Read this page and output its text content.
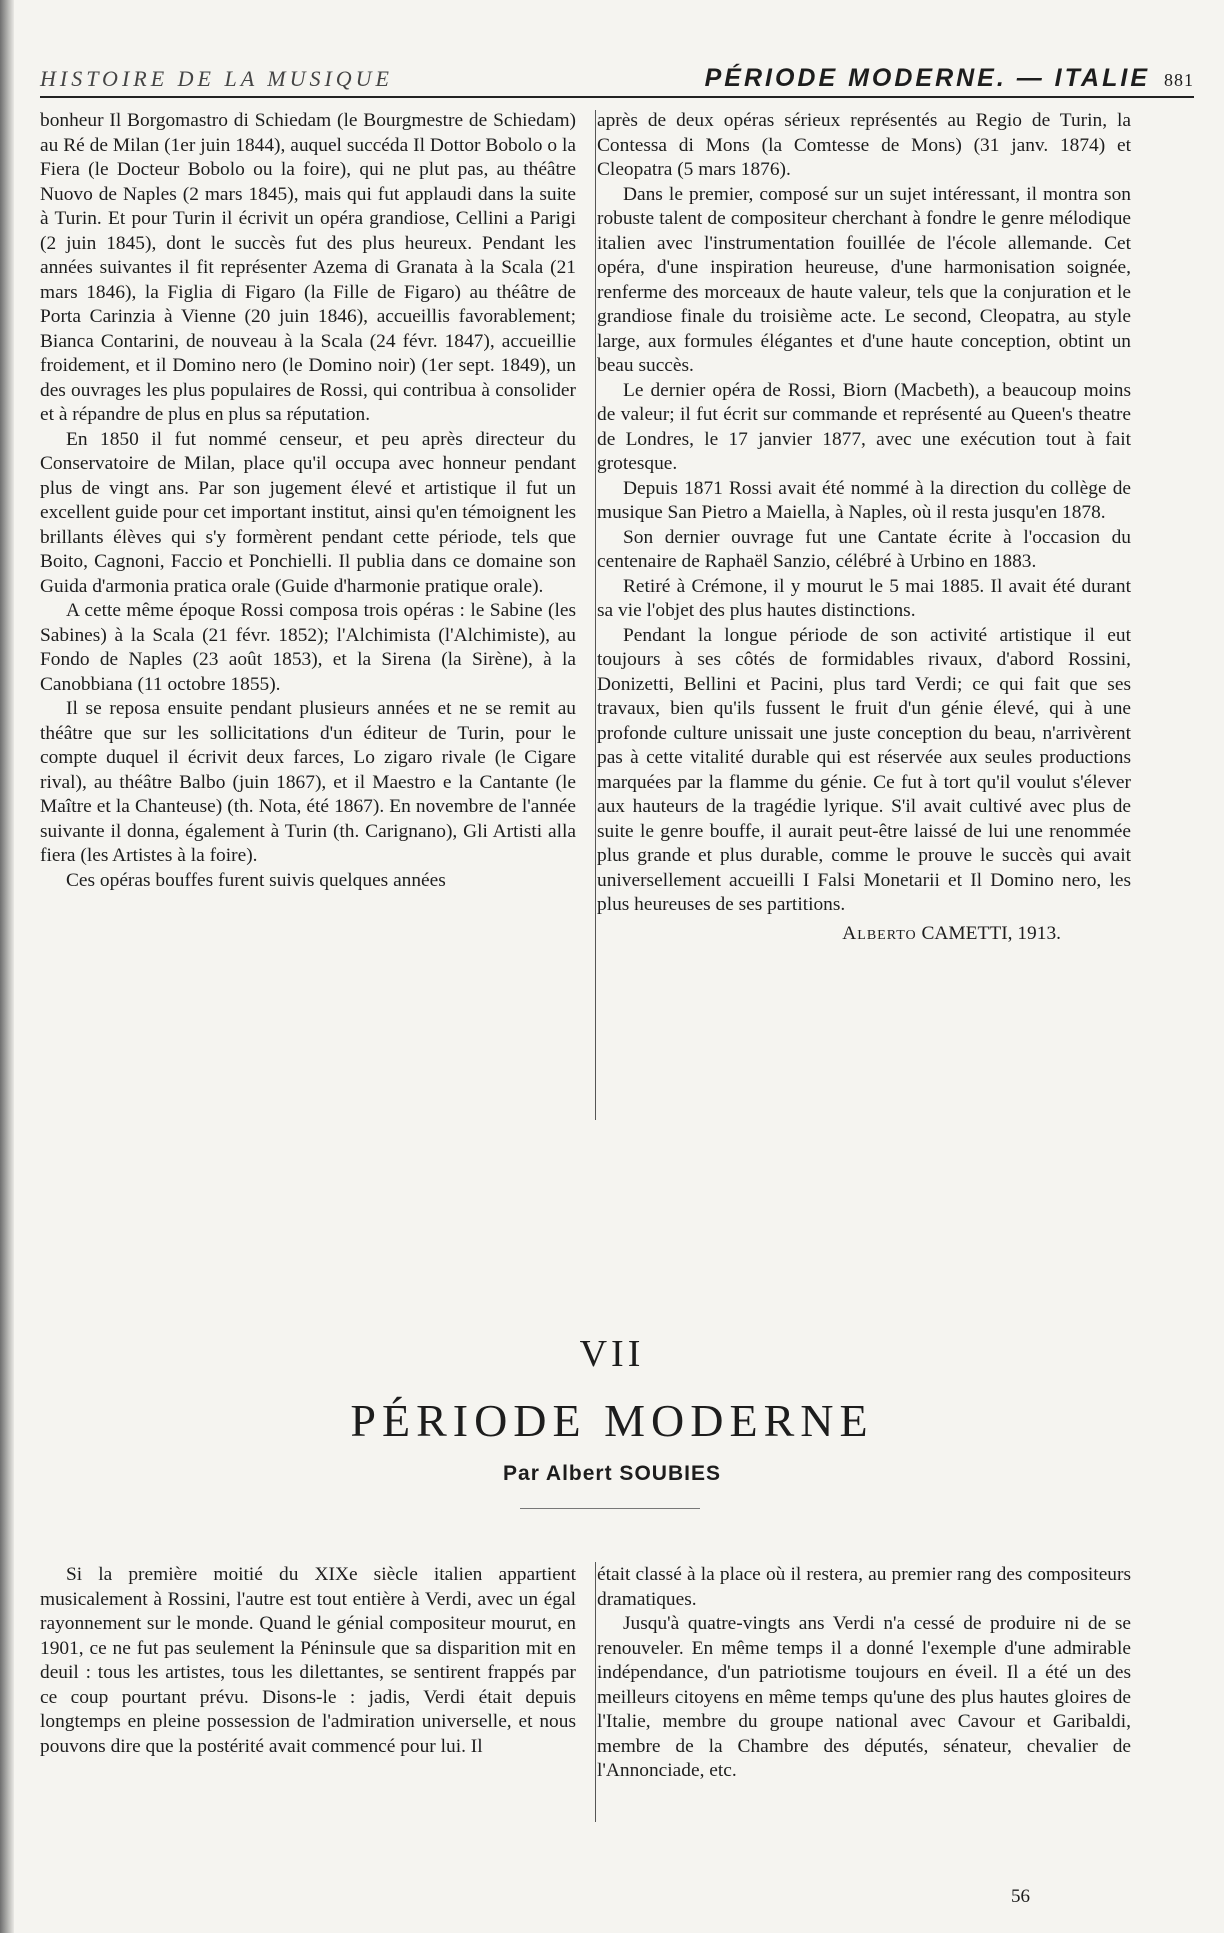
HISTOIRE DE LA MUSIQUE	PÉRIODE MODERNE. — ITALIE 881

bonheur Il Borgomastro di Schiedam (le Bourgmestre de Schiedam) au Ré de Milan (1er juin 1844), auquel succéda Il Dottor Bobolo o la Fiera (le Docteur Bobolo ou la foire), qui ne plut pas, au théâtre Nuovo de Naples (2 mars 1845), mais qui fut applaudi dans la suite à Turin. Et pour Turin il écrivit un opéra grandiose, Cellini a Parigi (2 juin 1845), dont le succès fut des plus heureux. Pendant les années suivantes il fit représenter Azema di Granata à la Scala (21 mars 1846), la Figlia di Figaro (la Fille de Figaro) au théâtre de Porta Carinzia à Vienne (20 juin 1846), accueillis favorablement; Bianca Contarini, de nouveau à la Scala (24 févr. 1847), accueillie froidement, et il Domino nero (le Domino noir) (1er sept. 1849), un des ouvrages les plus populaires de Rossi, qui contribua à consolider et à répandre de plus en plus sa réputation.

En 1850 il fut nommé censeur, et peu après directeur du Conservatoire de Milan, place qu'il occupa avec honneur pendant plus de vingt ans. Par son jugement élevé et artistique il fut un excellent guide pour cet important institut, ainsi qu'en témoignent les brillants élèves qui s'y formèrent pendant cette période, tels que Boito, Cagnoni, Faccio et Ponchielli. Il publia dans ce domaine son Guida d'armonia pratica orale (Guide d'harmonie pratique orale).

A cette même époque Rossi composa trois opéras : le Sabine (les Sabines) à la Scala (21 févr. 1852); l'Alchimista (l'Alchimiste), au Fondo de Naples (23 août 1853), et la Sirena (la Sirène), à la Canobbiana (11 octobre 1855).

Il se reposa ensuite pendant plusieurs années et ne se remit au théâtre que sur les sollicitations d'un éditeur de Turin, pour le compte duquel il écrivit deux farces, Lo zigaro rivale (le Cigare rival), au théâtre Balbo (juin 1867), et il Maestro e la Cantante (le Maître et la Chanteuse) (th. Nota, été 1867). En novembre de l'année suivante il donna, également à Turin (th. Carignano), Gli Artisti alla fiera (les Artistes à la foire).

Ces opéras bouffes furent suivis quelques années

après de deux opéras sérieux représentés au Regio de Turin, la Contessa di Mons (la Comtesse de Mons) (31 janv. 1874) et Cleopatra (5 mars 1876).

Dans le premier, composé sur un sujet intéressant, il montra son robuste talent de compositeur cherchant à fondre le genre mélodique italien avec l'instrumentation fouillée de l'école allemande. Cet opéra, d'une inspiration heureuse, d'une harmonisation soignée, renferme des morceaux de haute valeur, tels que la conjuration et le grandiose finale du troisième acte. Le second, Cleopatra, au style large, aux formules élégantes et d'une haute conception, obtint un beau succès.

Le dernier opéra de Rossi, Biorn (Macbeth), a beaucoup moins de valeur; il fut écrit sur commande et représenté au Queen's theatre de Londres, le 17 janvier 1877, avec une exécution tout à fait grotesque.

Depuis 1871 Rossi avait été nommé à la direction du collège de musique San Pietro a Maiella, à Naples, où il resta jusqu'en 1878.

Son dernier ouvrage fut une Cantate écrite à l'occasion du centenaire de Raphaël Sanzio, célébré à Urbino en 1883.

Retiré à Crémone, il y mourut le 5 mai 1885. Il avait été durant sa vie l'objet des plus hautes distinctions.

Pendant la longue période de son activité artistique il eut toujours à ses côtés de formidables rivaux, d'abord Rossini, Donizetti, Bellini et Pacini, plus tard Verdi; ce qui fait que ses travaux, bien qu'ils fussent le fruit d'un génie élevé, qui à une profonde culture unissait une juste conception du beau, n'arrivèrent pas à cette vitalité durable qui est réservée aux seules productions marquées par la flamme du génie. Ce fut à tort qu'il voulut s'élever aux hauteurs de la tragédie lyrique. S'il avait cultivé avec plus de suite le genre bouffe, il aurait peut-être laissé de lui une renommée plus grande et plus durable, comme le prouve le succès qui avait universellement accueilli I Falsi Monetarii et Il Domino nero, les plus heureuses de ses partitions.

Alberto CAMETTI, 1913.
VII
PÉRIODE MODERNE
Par Albert SOUBIES

Si la première moitié du XIXe siècle italien appartient musicalement à Rossini, l'autre est tout entière à Verdi, avec un égal rayonnement sur le monde. Quand le génial compositeur mourut, en 1901, ce ne fut pas seulement la Péninsule que sa disparition mit en deuil : tous les artistes, tous les dilettantes, se sentirent frappés par ce coup pourtant prévu. Disons-le : jadis, Verdi était depuis longtemps en pleine possession de l'admiration universelle, et nous pouvons dire que la postérité avait commencé pour lui. Il

était classé à la place où il restera, au premier rang des compositeurs dramatiques.

Jusqu'à quatre-vingts ans Verdi n'a cessé de produire ni de se renouveler. En même temps il a donné l'exemple d'une admirable indépendance, d'un patriotisme toujours en éveil. Il a été un des meilleurs citoyens en même temps qu'une des plus hautes gloires de l'Italie, membre du groupe national avec Cavour et Garibaldi, membre de la Chambre des députés, sénateur, chevalier de l'Annonciade, etc.

56
